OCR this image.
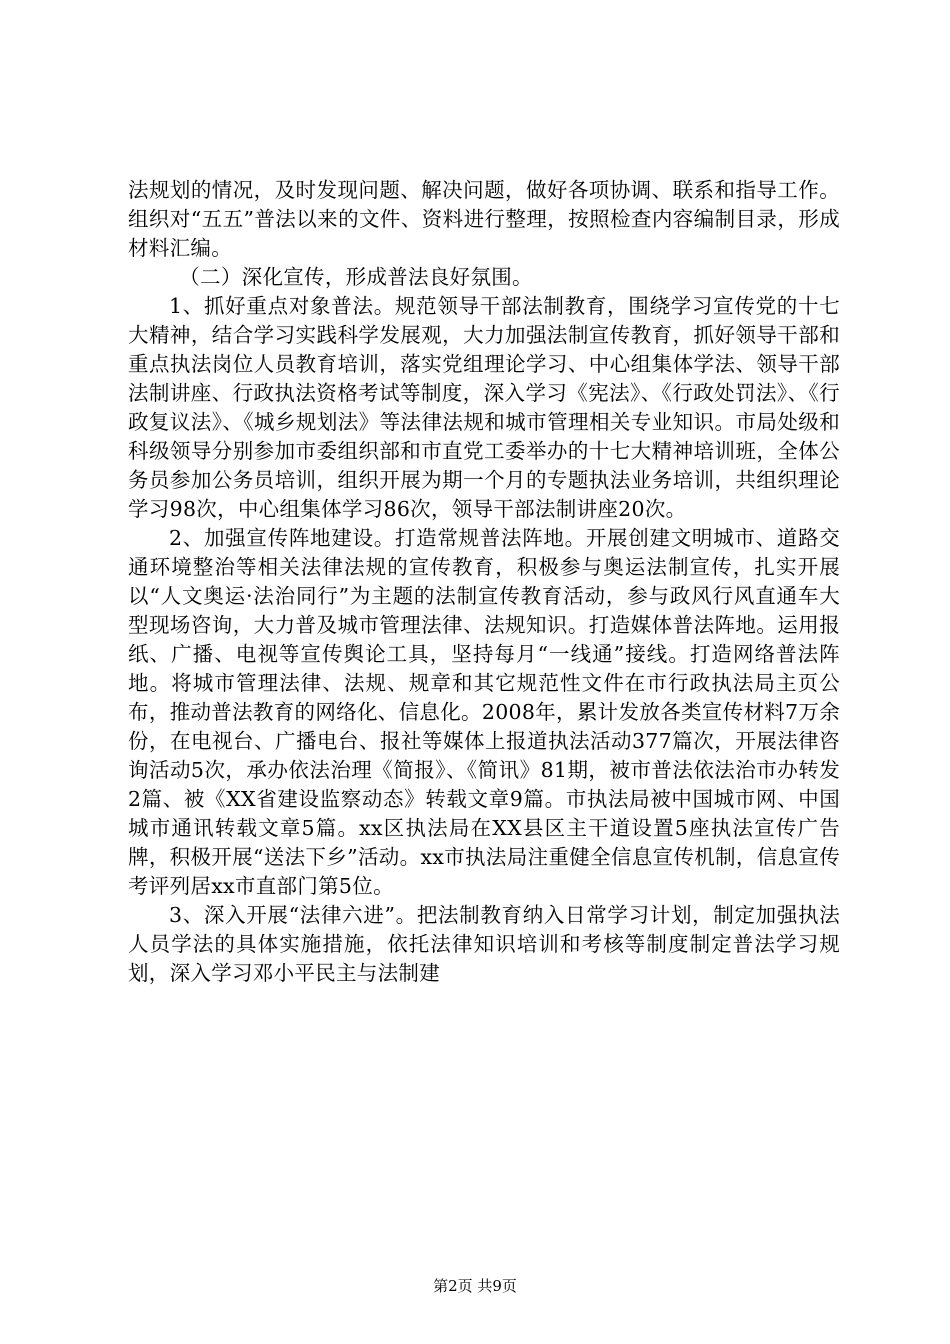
法规划的情况，及时发现问题、解决问题，做好各项协调、联系和指导工作。组织对“五五”普法以来的文件、资料进行整理，按照检查内容编制目录，形成材料汇编。

（二）深化宣传，形成普法良好氛围。

1、抓好重点对象普法。规范领导干部法制教育，围绕学习宣传党的十七大精神，结合学习实践科学发展观，大力加强法制宣传教育，抓好领导干部和重点执法岗位人员教育培训，落实党组理论学习、中心组集体学法、领导干部法制讲座、行政执法资格考试等制度，深入学习《宪法》、《行政处罚法》、《行政复议法》、《城乡规划法》等法律法规和城市管理相关专业知识。市局处级和科级领导分别参加市委组织部和市直党工委举办的十七大精神培训班，全体公务员参加公务员培训，组织开展为期一个月的专题执法业务培训，共组织理论学习98次，中心组集体学习86次，领导干部法制讲座20次。

2、加强宣传阵地建设。打造常规普法阵地。开展创建文明城市、道路交通环境整治等相关法律法规的宣传教育，积极参与奥运法制宣传，扎实开展以“人文奥运·法治同行”为主题的法制宣传教育活动，参与政风行风直通车大型现场咨询，大力普及城市管理法律、法规知识。打造媒体普法阵地。运用报纸、广播、电视等宣传舆论工具，坚持每月“一线通”接线。打造网络普法阵地。将城市管理法律、法规、规章和其它规范性文件在市行政执法局主页公布，推动普法教育的网络化、信息化。2008年，累计发放各类宣传材料7万余份，在电视台、广播电台、报社等媒体上报道执法活动377篇次，开展法律咨询活动5次，承办依法治理《简报》、《简讯》81期，被市普法依法治市办转发2篇、被《XX省建设监察动态》转载文章9篇。市执法局被中国城市网、中国城市通讯转载文章5篇。xx区执法局在XX县区主干道设置5座执法宣传广告牌，积极开展“送法下乡”活动。xx市执法局注重健全信息宣传机制，信息宣传考评列居xx市直部门第5位。

3、深入开展“法律六进”。把法制教育纳入日常学习计划，制定加强执法人员学法的具体实施措施，依托法律知识培训和考核等制度制定普法学习规划，深入学习邓小平民主与法制建

第2页 共9页
